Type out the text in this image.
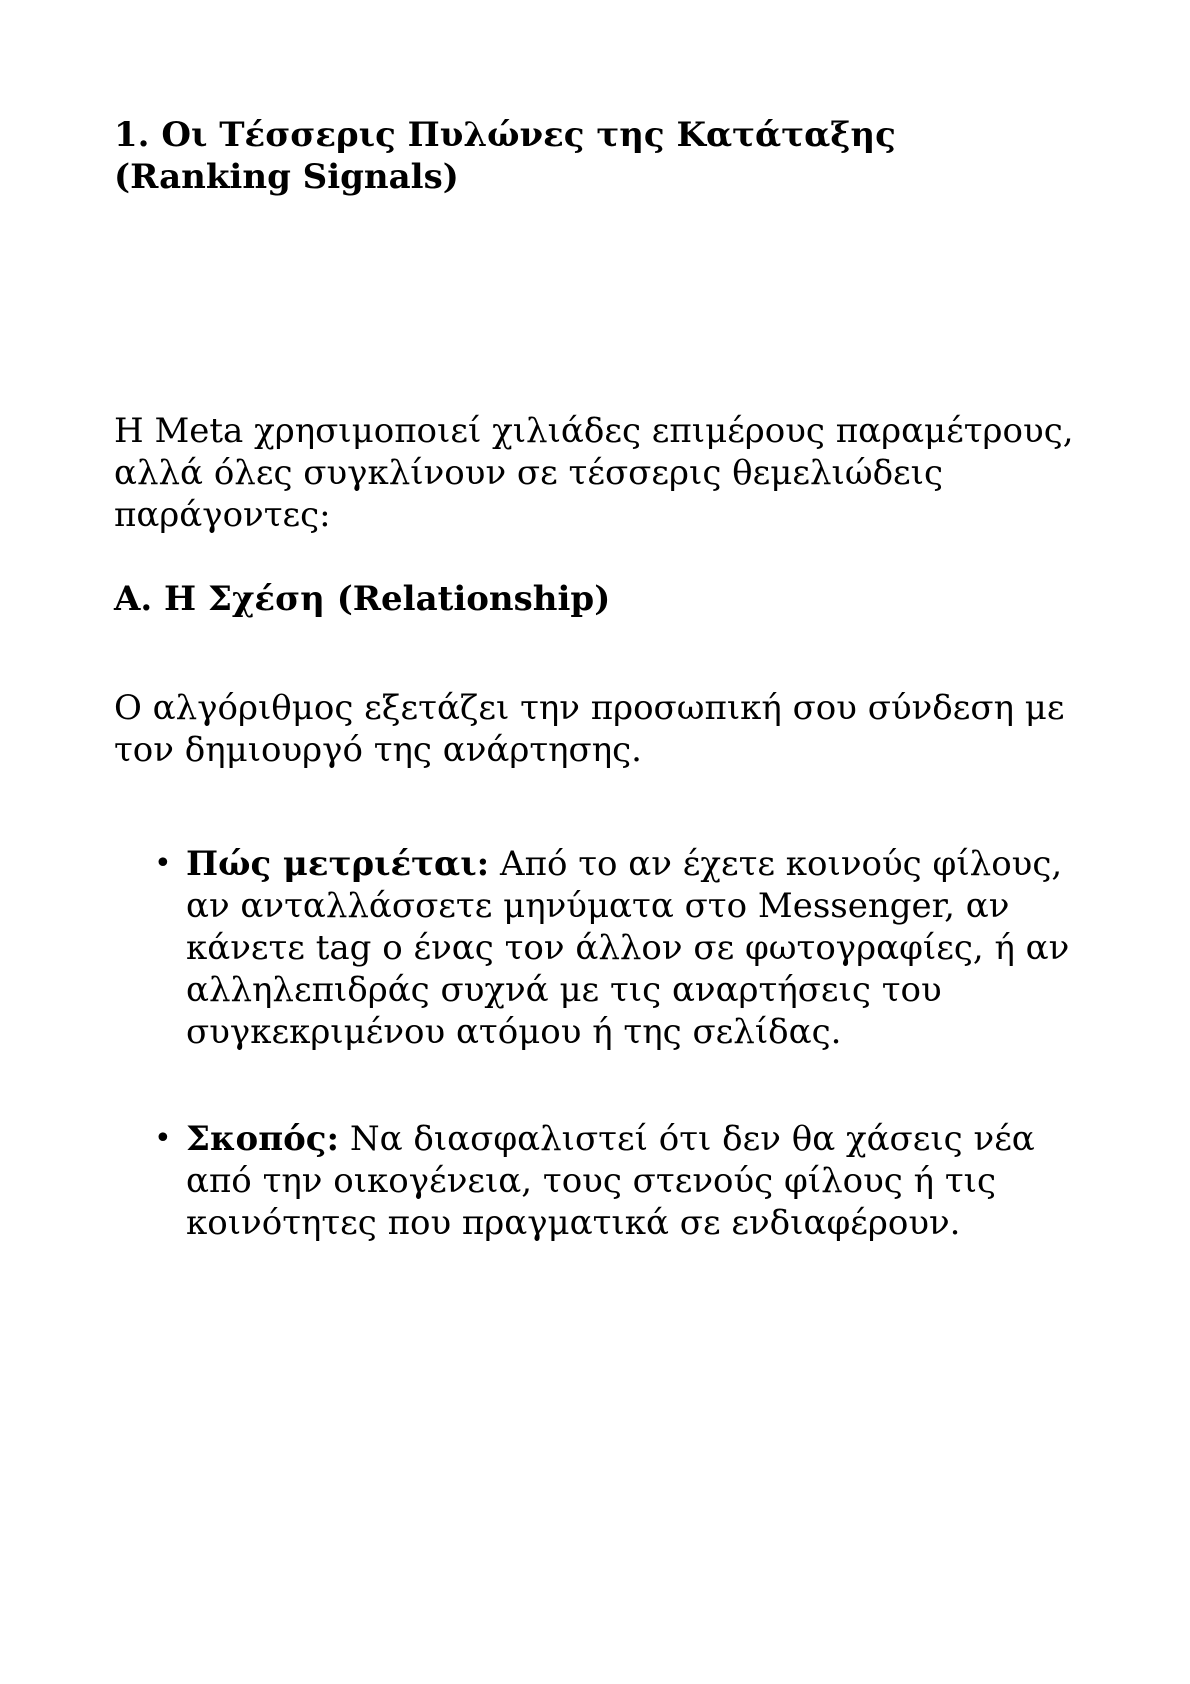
1. Οι Τέσσερις Πυλώνες της Κατάταξης (Ranking Signals)

Η Meta χρησιμοποιεί χιλιάδες επιμέρους παραμέτρους, αλλά όλες συγκλίνουν σε τέσσερις θεμελιώδεις παράγοντες:

Α. Η Σχέση (Relationship)

Ο αλγόριθμος εξετάζει την προσωπική σου σύνδεση με τον δημιουργό της ανάρτησης.

• Πώς μετριέται: Από το αν έχετε κοινούς φίλους, αν ανταλλάσσετε μηνύματα στο Messenger, αν κάνετε tag ο ένας τον άλλον σε φωτογραφίες, ή αν αλληλεπιδράς συχνά με τις αναρτήσεις του συγκεκριμένου ατόμου ή της σελίδας.
• Σκοπός: Να διασφαλιστεί ότι δεν θα χάσεις νέα από την οικογένεια, τους στενούς φίλους ή τις κοινότητες που πραγματικά σε ενδιαφέρουν.
